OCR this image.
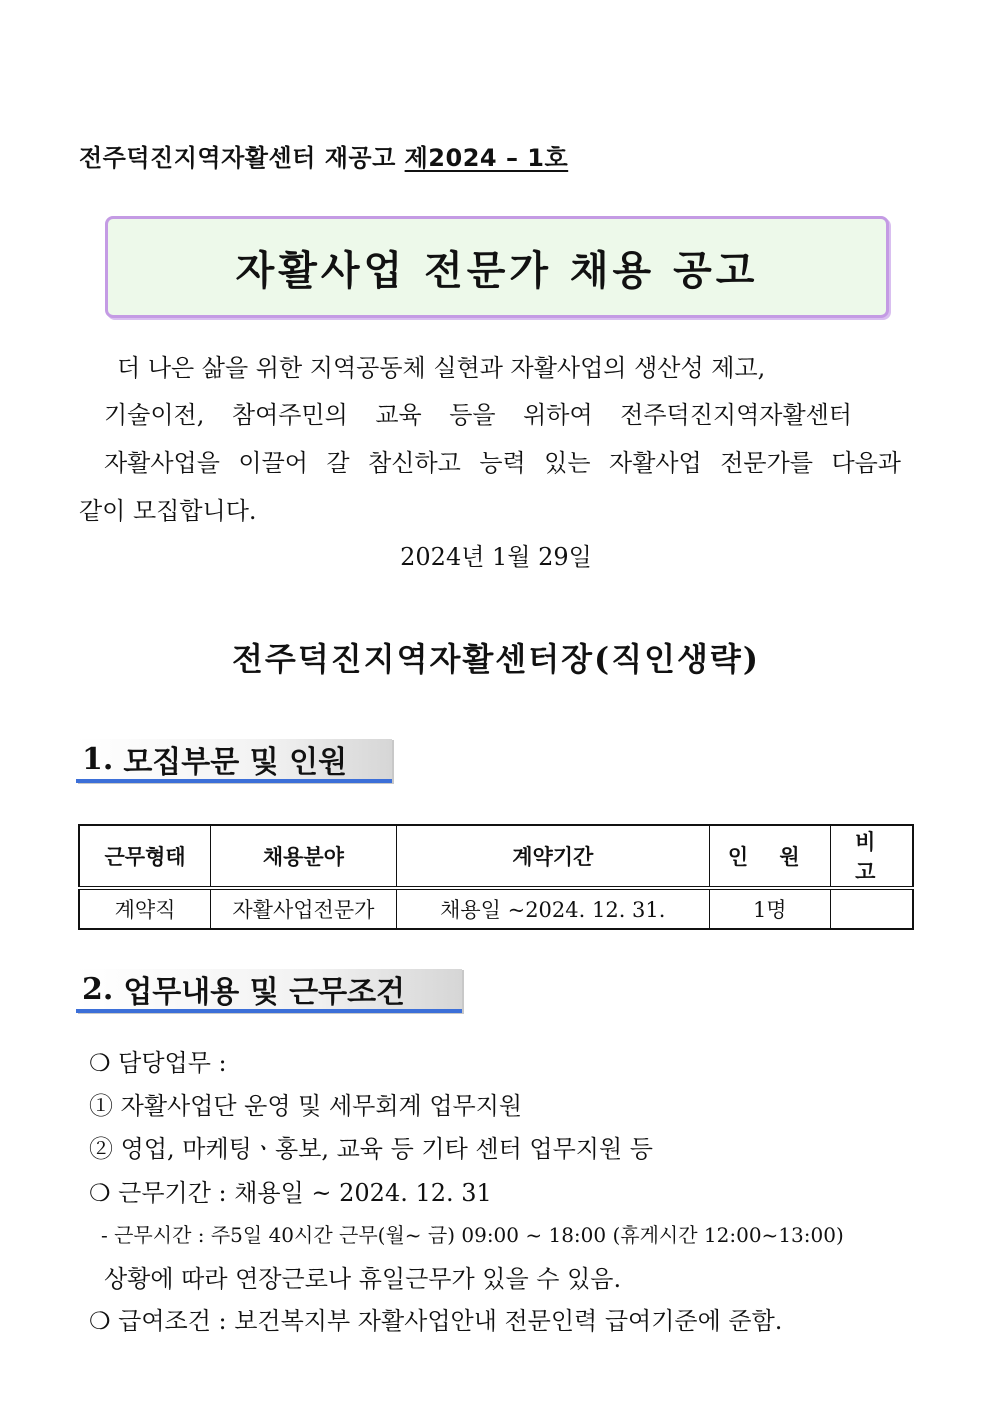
전주덕진지역자활센터 재공고 제2024 – 1호
자활사업 전문가 채용 공고
더 나은 삶을 위한 지역공동체 실현과 자활사업의 생산성 제고,
기술이전, 참여주민의 교육 등을 위하여 전주덕진지역자활센터
자활사업을 이끌어 갈 참신하고 능력 있는 자활사업 전문가를 다음과
같이 모집합니다.
2024년 1월 29일
전주덕진지역자활센터장(직인생략)
1. 모집부문 및 인원
근무형태	채용분야	계약기간	인 원	비 고
계약직	자활사업전문가	채용일 ~2024. 12. 31.	1명	
2. 업무내용 및 근무조건
❍ 담당업무 :
① 자활사업단 운영 및 세무회계 업무지원
② 영업, 마케팅ㆍ홍보, 교육 등 기타 센터 업무지원 등
❍ 근무기간 : 채용일 ~ 2024. 12. 31
- 근무시간 : 주5일 40시간 근무(월~ 금) 09:00 ~ 18:00 (휴게시간 12:00~13:00)
상황에 따라 연장근로나 휴일근무가 있을 수 있음.
❍ 급여조건 : 보건복지부 자활사업안내 전문인력 급여기준에 준함.
